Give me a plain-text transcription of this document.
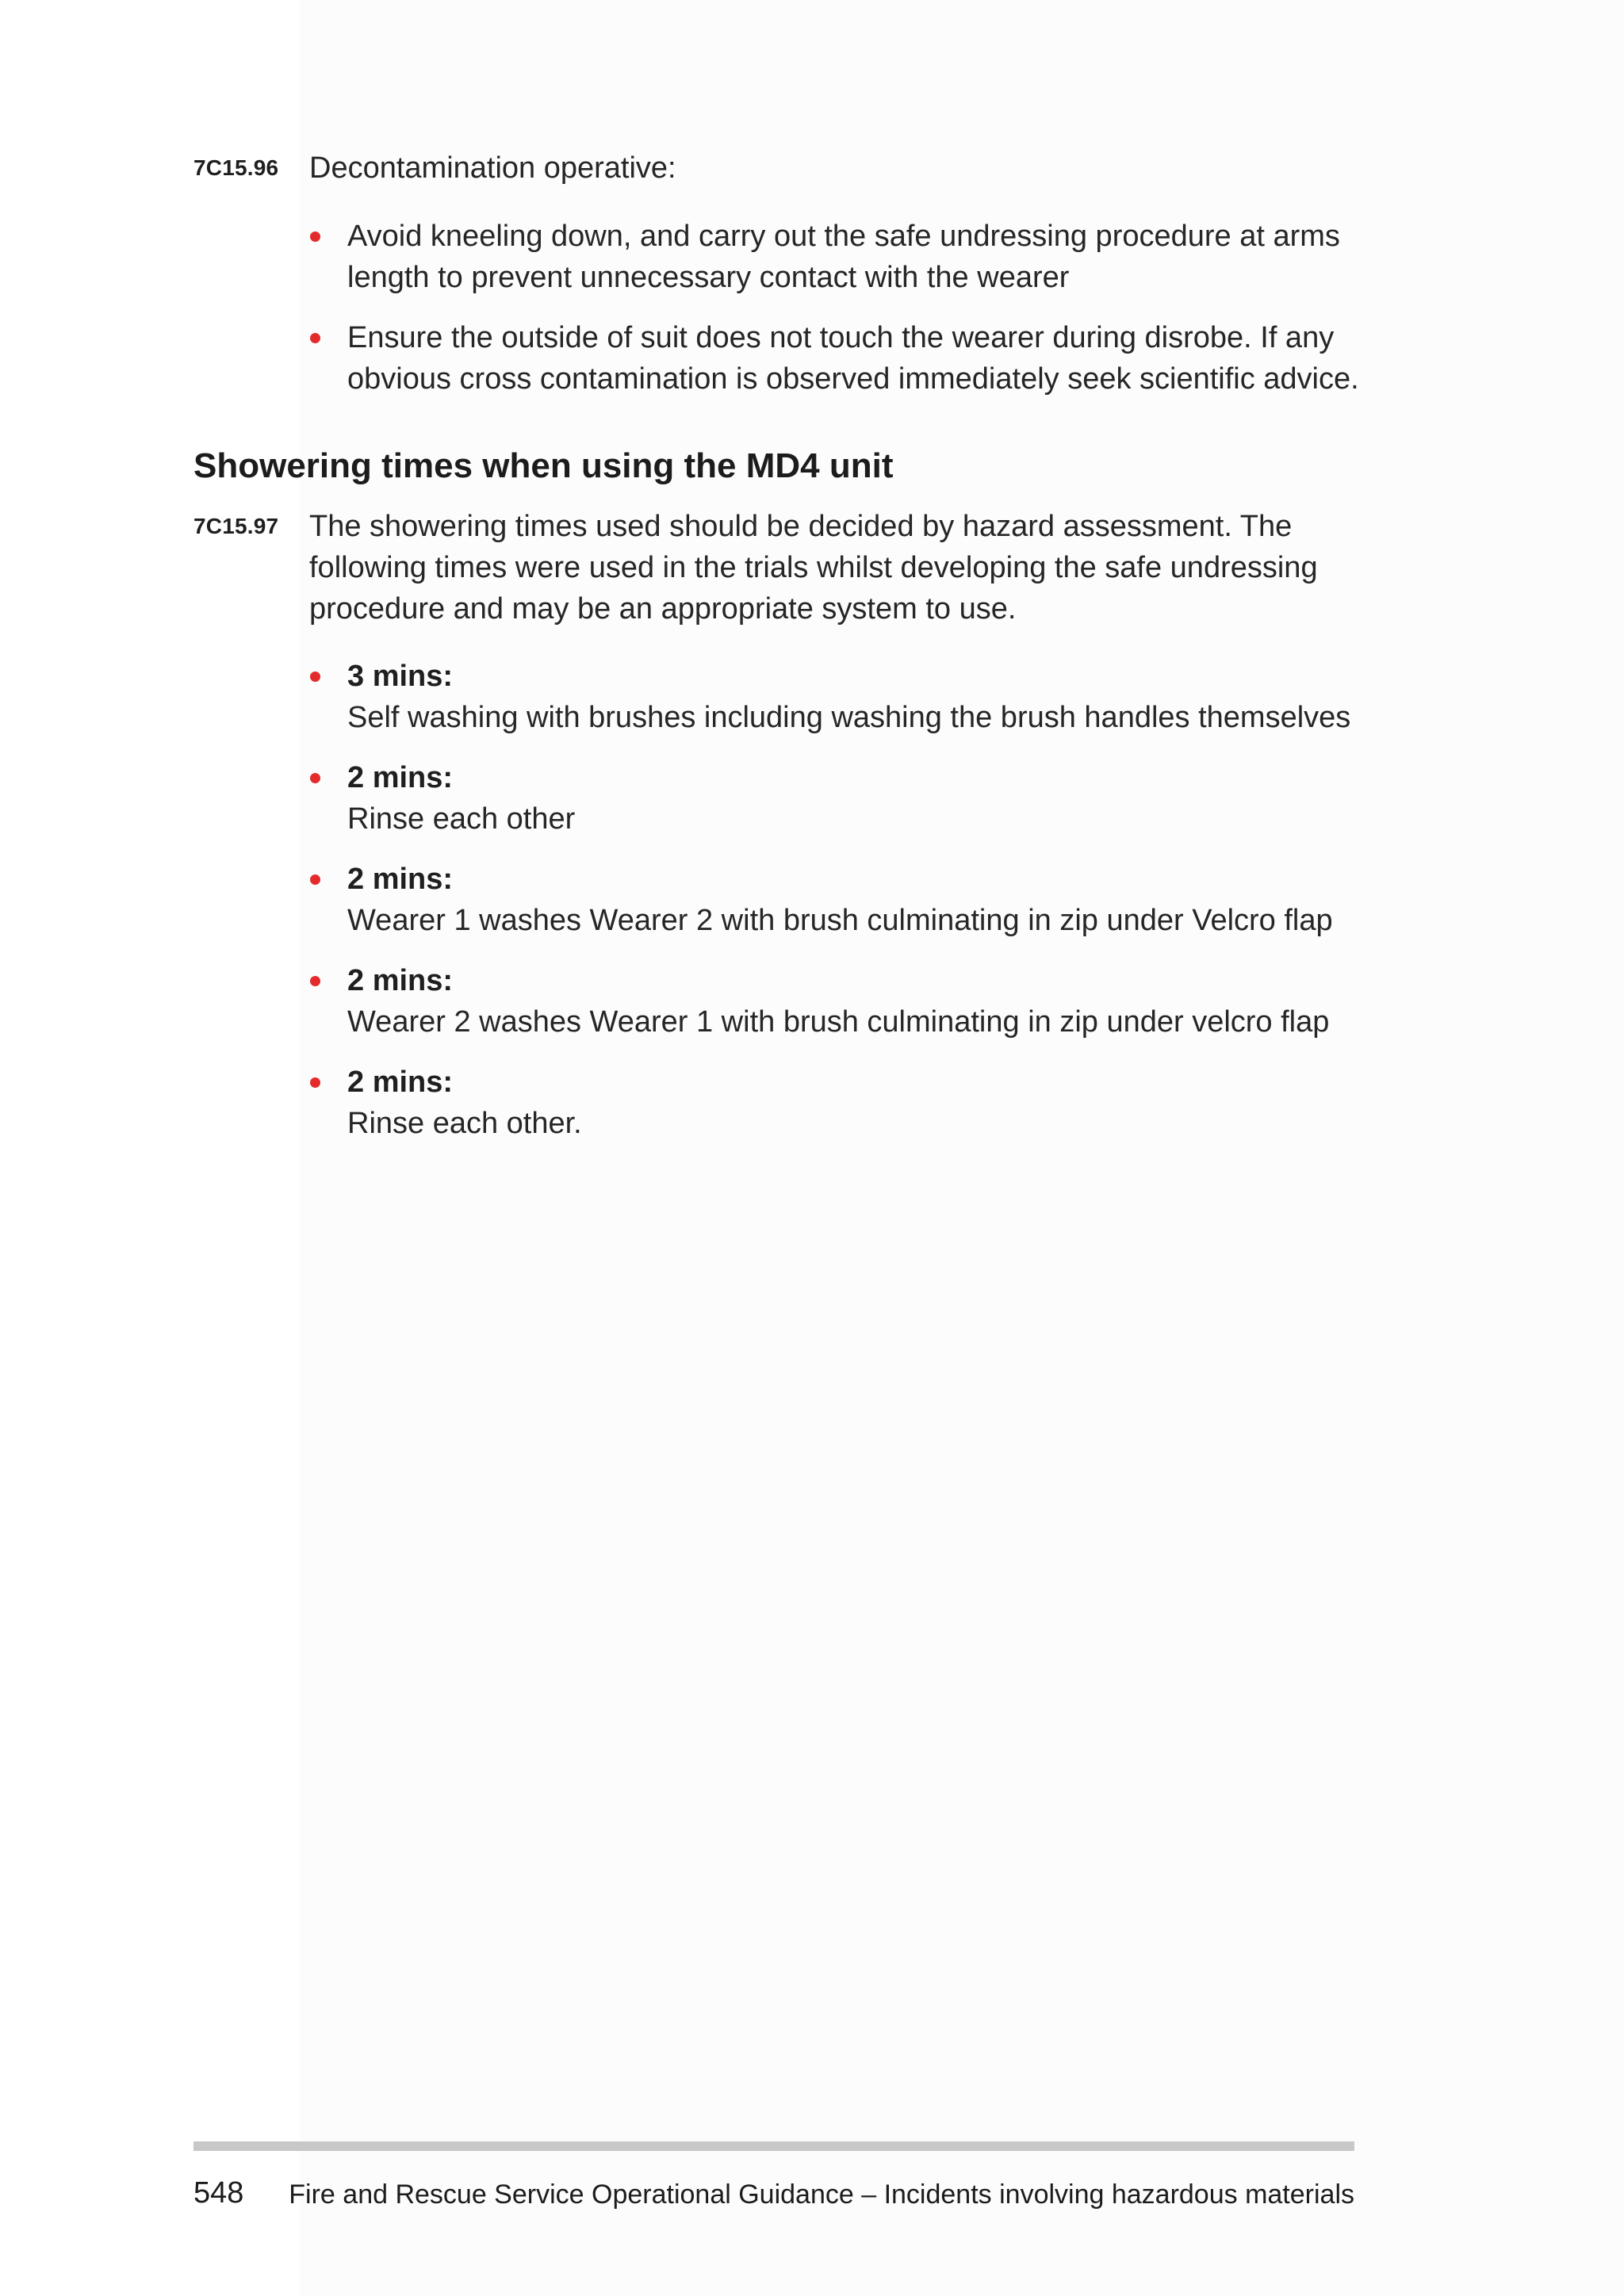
7C15.96 Decontamination operative:
Avoid kneeling down, and carry out the safe undressing procedure at arms length to prevent unnecessary contact with the wearer
Ensure the outside of suit does not touch the wearer during disrobe. If any obvious cross contamination is observed immediately seek scientific advice.
Showering times when using the MD4 unit
7C15.97 The showering times used should be decided by hazard assessment. The following times were used in the trials whilst developing the safe undressing procedure and may be an appropriate system to use.
3 mins:
Self washing with brushes including washing the brush handles themselves
2 mins:
Rinse each other
2 mins:
Wearer 1 washes Wearer 2 with brush culminating in zip under Velcro flap
2 mins:
Wearer 2 washes Wearer 1 with brush culminating in zip under velcro flap
2 mins:
Rinse each other.
548 Fire and Rescue Service Operational Guidance – Incidents involving hazardous materials
